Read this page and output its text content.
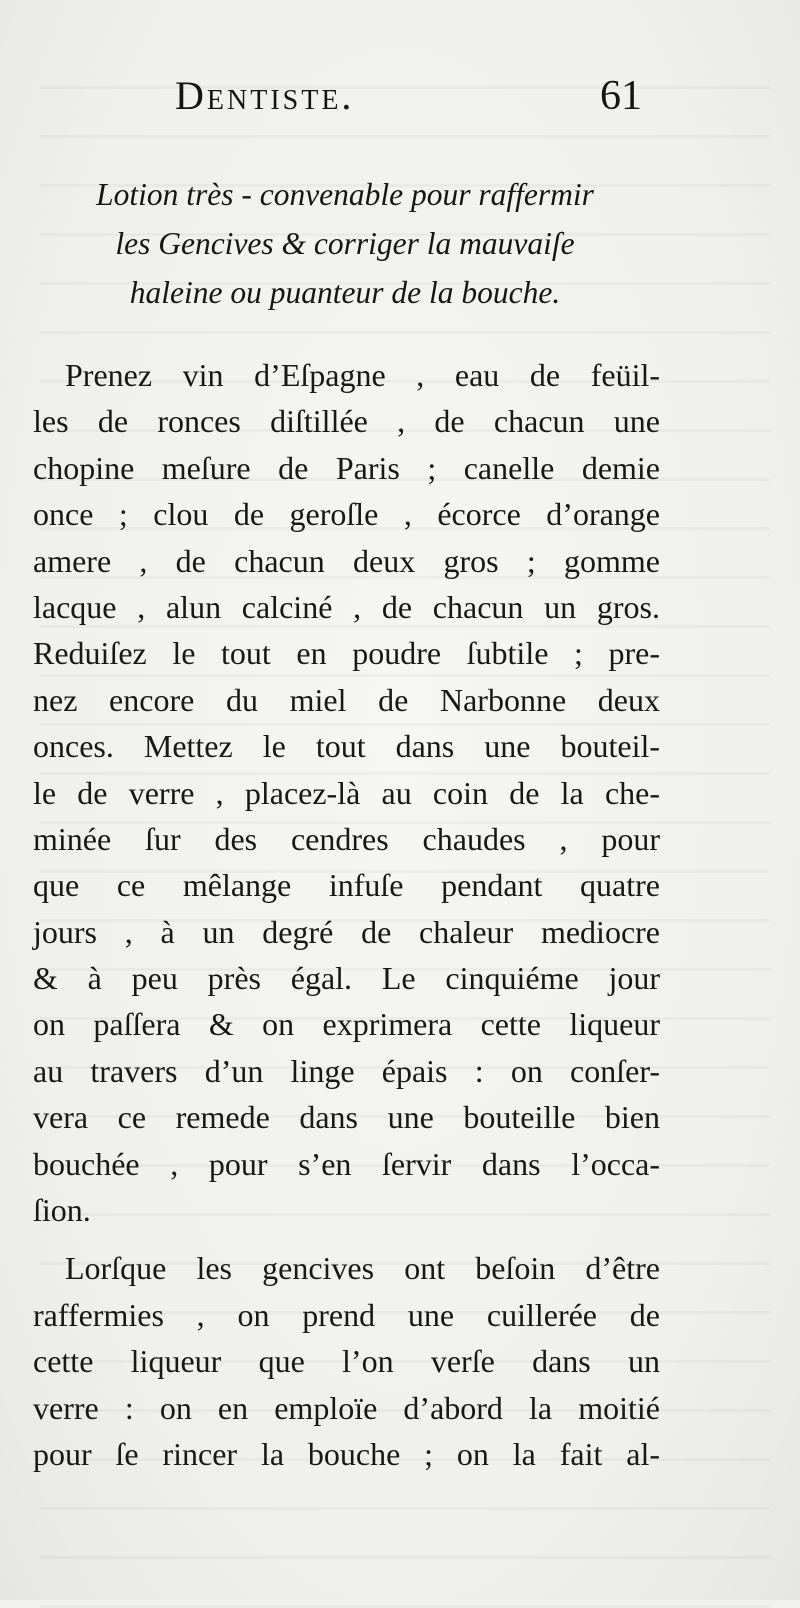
Dentiste.	61
Lotion très - convenable pour raffermir
les Gencives & corriger la mauvaiſe
haleine ou puanteur de la bouche.
Prenez vin d’Eſpagne , eau de feüil-
les de ronces diſtillée , de chacun une
chopine meſure de Paris ; canelle demie
once ; clou de geroſle , écorce d’orange
amere , de chacun deux gros ; gomme
lacque , alun calciné , de chacun un gros.
Reduiſez le tout en poudre ſubtile ; pre-
nez encore du miel de Narbonne deux
onces. Mettez le tout dans une bouteil-
le de verre , placez-là au coin de la che-
minée ſur des cendres chaudes , pour
que ce mêlange infuſe pendant quatre
jours , à un degré de chaleur mediocre
& à peu près égal. Le cinquiéme jour
on paſſera & on exprimera cette liqueur
au travers d’un linge épais : on conſer-
vera ce remede dans une bouteille bien
bouchée , pour s’en ſervir dans l’occa-
ſion.
Lorſque les gencives ont beſoin d’être
raffermies , on prend une cuillerée de
cette liqueur que l’on verſe dans un
verre : on en emploïe d’abord la moitié
pour ſe rincer la bouche ; on la fait al-
